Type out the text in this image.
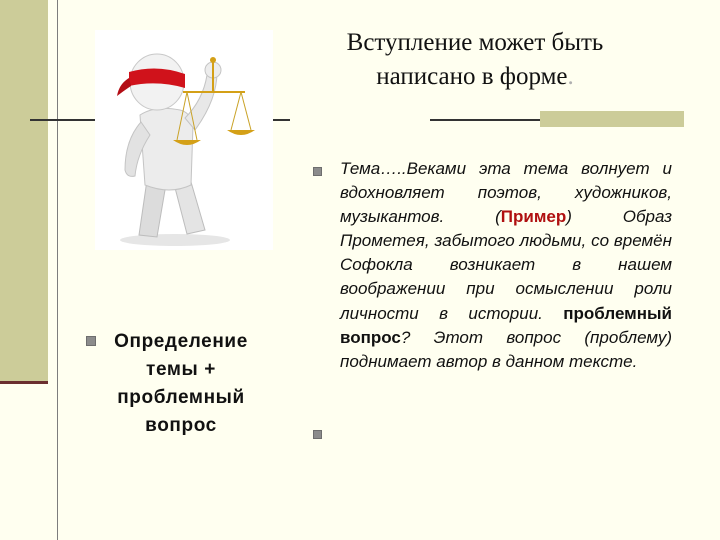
Вступление может быть
написано в форме.
Определение
темы +
проблемный
вопрос
Тема…..Веками эта тема волнует и вдохновляет поэтов, художников, музыкантов. (Пример) Образ Прометея, забытого людьми, со времён Софокла возникает в нашем воображении при осмыслении роли личности в истории. проблемный вопрос? Этот вопрос (проблему) поднимает автор в данном тексте.
